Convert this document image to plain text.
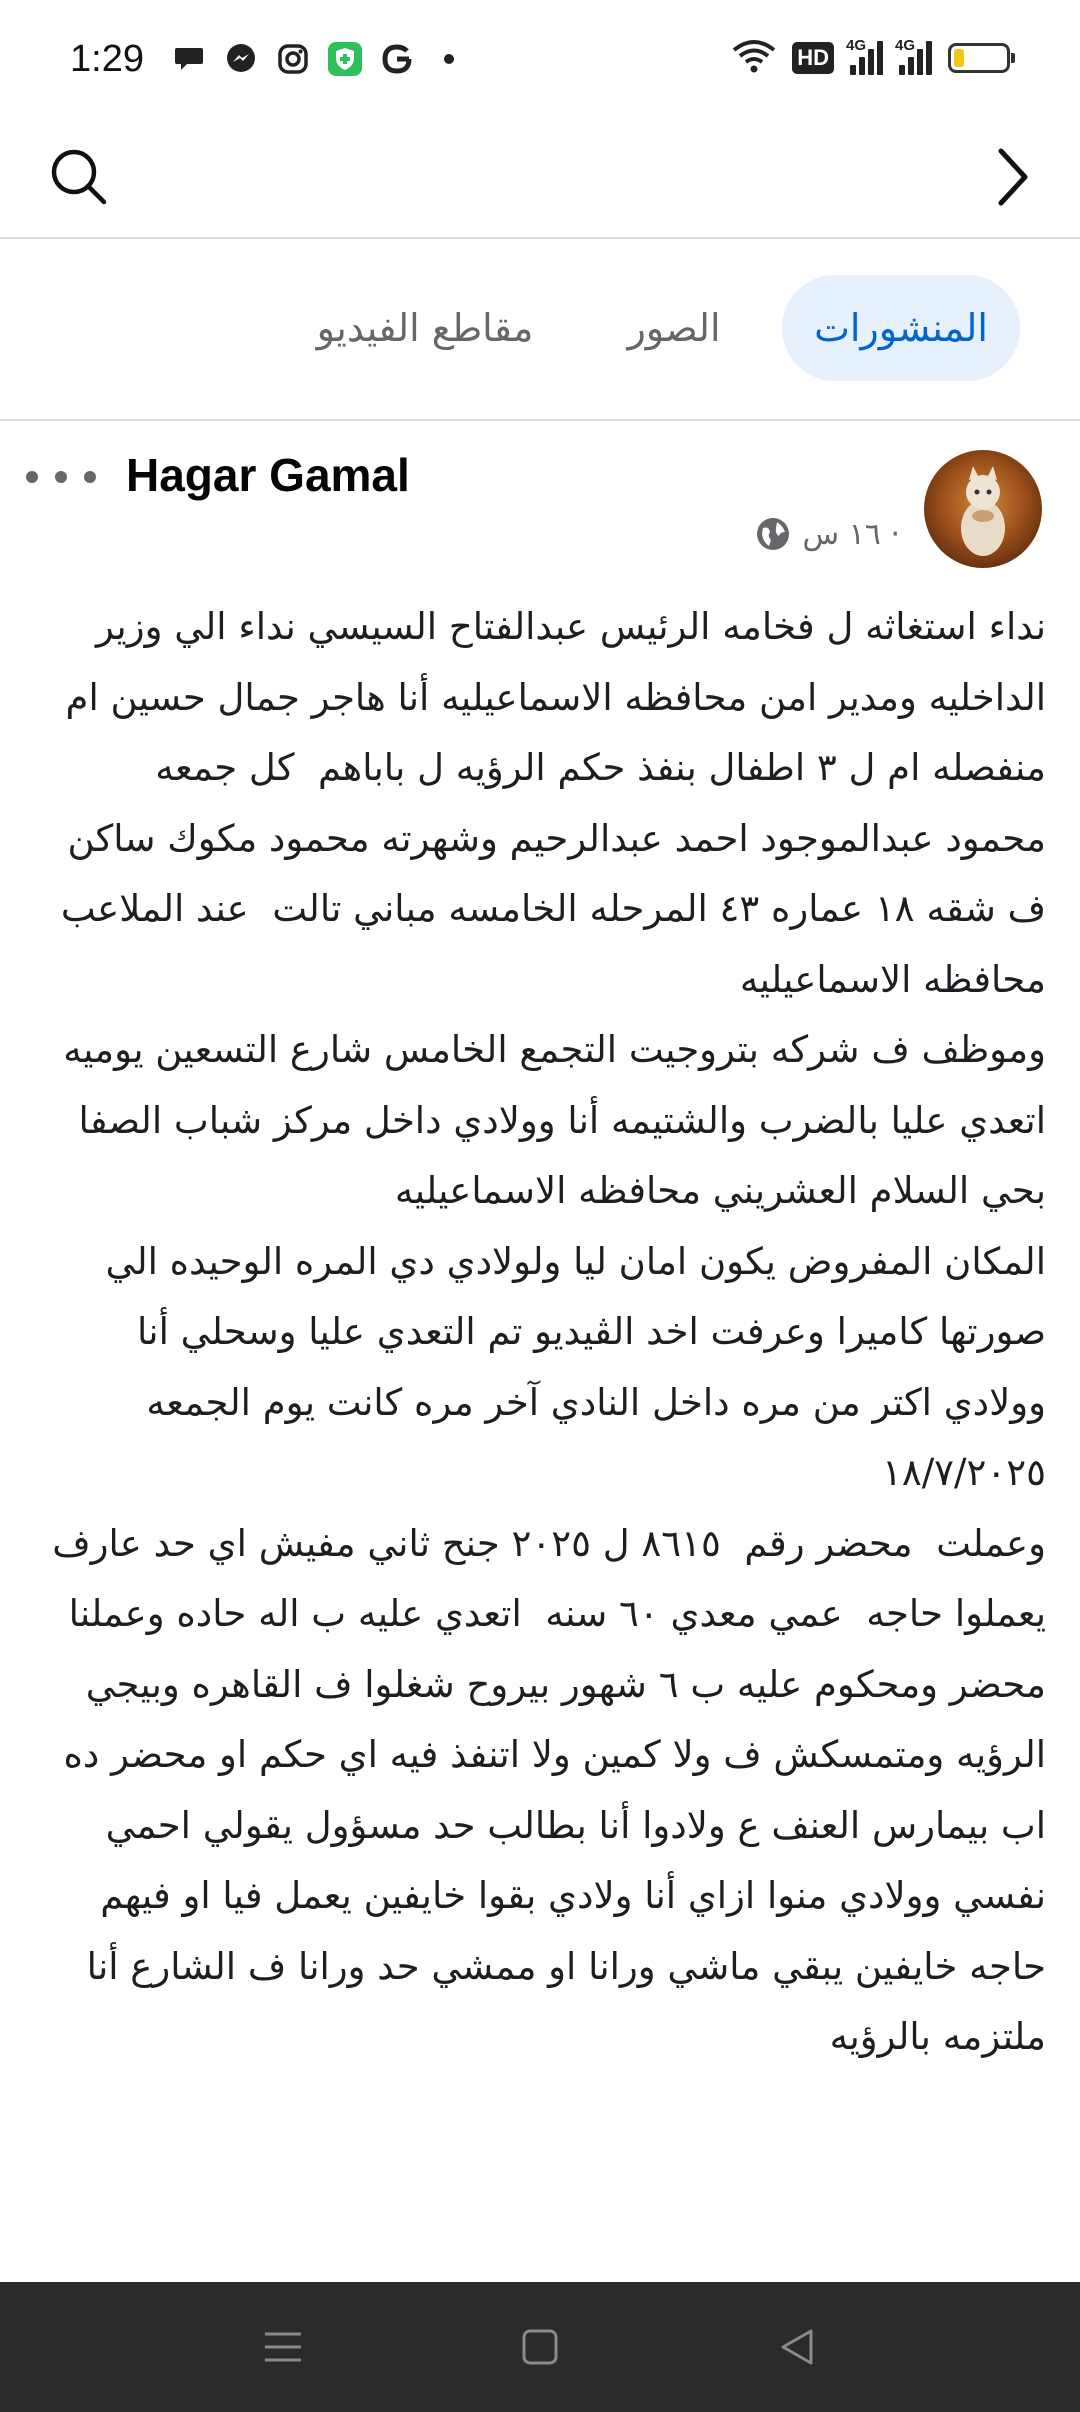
1:29	HD	4G 4G
المنشورات
الصور
مقاطع الفيديو
Hagar Gamal
١٦ س ·
نداء استغاثه ل فخامه الرئيس عبدالفتاح السيسي نداء الي وزير الداخليه ومدير امن محافظه الاسماعيليه أنا هاجر جمال حسين ام منفصله ام ل ٣ اطفال بنفذ حكم الرؤيه ل باباهم  كل جمعه
محمود عبدالموجود احمد عبدالرحيم وشهرته محمود مكوك ساكن ف شقه ١٨ عماره ٤٣ المرحله الخامسه مباني تالت  عند الملاعب محافظه الاسماعيليه
وموظف ف شركه بتروجيت التجمع الخامس شارع التسعين يوميه
اتعدي عليا بالضرب والشتيمه أنا وولادي داخل مركز شباب الصفا
بحي السلام العشريني محافظه الاسماعيليه
المكان المفروض يكون امان ليا ولولادي دي المره الوحيده الي صورتها كاميرا وعرفت اخد الڤيديو تم التعدي عليا وسحلي أنا وولادي اكتر من مره داخل النادي آخر مره كانت يوم الجمعه ١٨/٧/٢٠٢٥
وعملت  محضر رقم  ٨٦١٥ ل ٢٠٢٥ جنح ثاني مفيش اي حد عارف يعملوا حاجه  عمي معدي ٦٠ سنه  اتعدي عليه ب اله حاده وعملنا محضر ومحكوم عليه ب ٦ شهور بيروح شغلوا ف القاهره وبيجي الرؤيه ومتمسكش ف ولا كمين ولا اتنفذ فيه اي حكم او محضر ده اب بيمارس العنف ع ولادوا أنا بطالب حد مسؤول يقولي احمي نفسي وولادي منوا ازاي أنا ولادي بقوا خايفين يعمل فيا او فيهم حاجه خايفين يبقي ماشي ورانا او ممشي حد ورانا ف الشارع أنا ملتزمه بالرؤيه
